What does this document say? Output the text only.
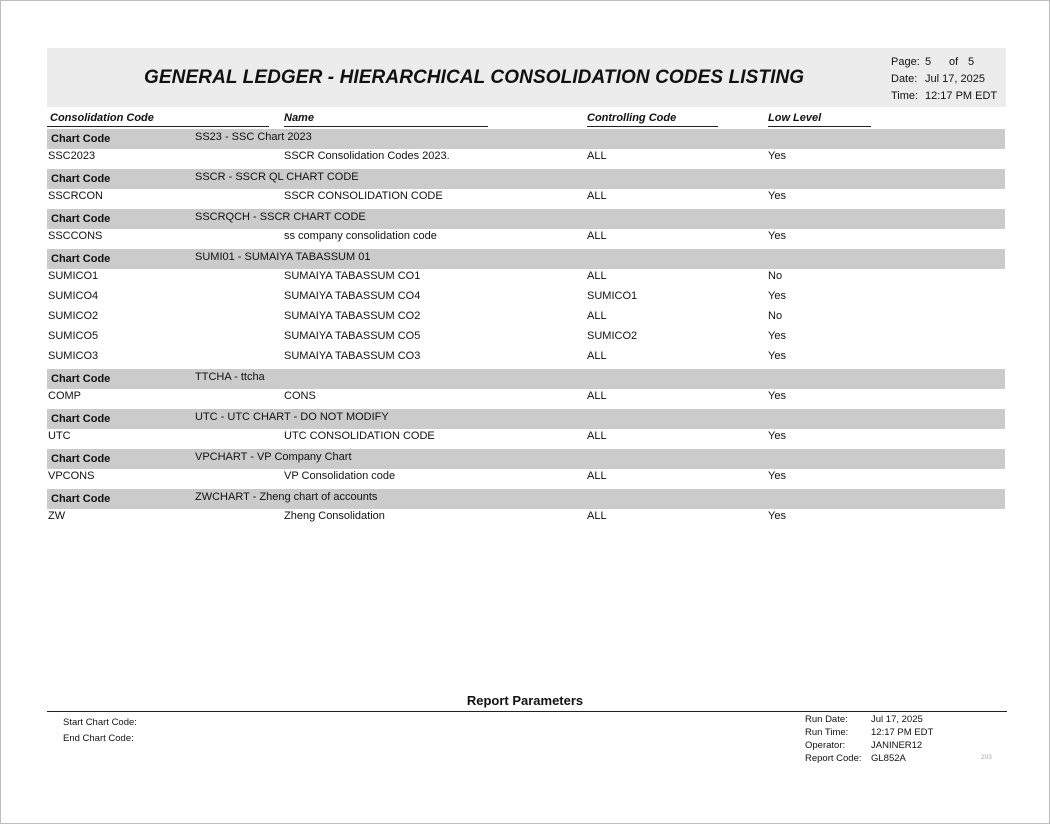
GENERAL LEDGER - HIERARCHICAL CONSOLIDATION CODES LISTING
Page: 5 of 5
Date: Jul 17, 2025
Time: 12:17 PM EDT
Consolidation Code	Name	Controlling Code	Low Level
Chart Code	SS23 - SSC Chart 2023
SSC2023	SSCR Consolidation Codes 2023.	ALL	Yes
Chart Code	SSCR - SSCR QL CHART CODE
SSCRCON	SSCR CONSOLIDATION CODE	ALL	Yes
Chart Code	SSCRQCH - SSCR CHART CODE
SSCCONS	ss company consolidation code	ALL	Yes
Chart Code	SUMI01 - SUMAIYA TABASSUM 01
SUMICO1	SUMAIYA TABASSUM CO1	ALL	No
SUMICO4	SUMAIYA TABASSUM CO4	SUMICO1	Yes
SUMICO2	SUMAIYA TABASSUM CO2	ALL	No
SUMICO5	SUMAIYA TABASSUM CO5	SUMICO2	Yes
SUMICO3	SUMAIYA TABASSUM CO3	ALL	Yes
Chart Code	TTCHA - ttcha
COMP	CONS	ALL	Yes
Chart Code	UTC - UTC CHART - DO NOT MODIFY
UTC	UTC CONSOLIDATION CODE	ALL	Yes
Chart Code	VPCHART - VP Company Chart
VPCONS	VP Consolidation code	ALL	Yes
Chart Code	ZWCHART - Zheng chart of accounts
ZW	Zheng Consolidation	ALL	Yes
Report Parameters
Start Chart Code:
End Chart Code:
Run Date: Jul 17, 2025
Run Time: 12:17 PM EDT
Operator:	JANINER12
Report Code: GL852A	203
